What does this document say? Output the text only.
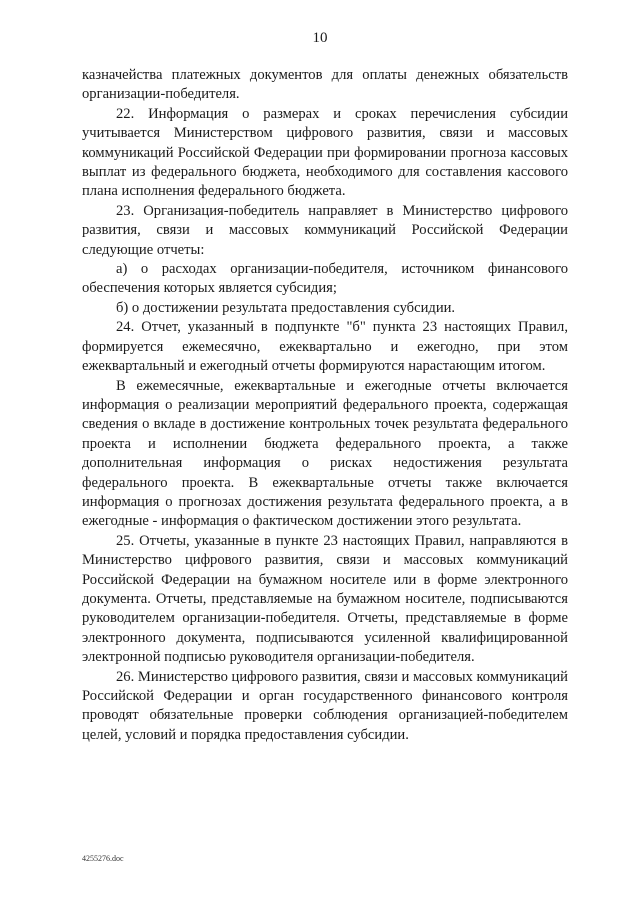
10

казначейства платежных документов для оплаты денежных обязательств организации-победителя.

22. Информация о размерах и сроках перечисления субсидии учитывается Министерством цифрового развития, связи и массовых коммуникаций Российской Федерации при формировании прогноза кассовых выплат из федерального бюджета, необходимого для составления кассового плана исполнения федерального бюджета.

23. Организация-победитель направляет в Министерство цифрового развития, связи и массовых коммуникаций Российской Федерации следующие отчеты:

а) о расходах организации-победителя, источником финансового обеспечения которых является субсидия;

б) о достижении результата предоставления субсидии.

24. Отчет, указанный в подпункте "б" пункта 23 настоящих Правил, формируется ежемесячно, ежеквартально и ежегодно, при этом ежеквартальный и ежегодный отчеты формируются нарастающим итогом.

В ежемесячные, ежеквартальные и ежегодные отчеты включается информация о реализации мероприятий федерального проекта, содержащая сведения о вкладе в достижение контрольных точек результата федерального проекта и исполнении бюджета федерального проекта, а также дополнительная информация о рисках недостижения результата федерального проекта. В ежеквартальные отчеты также включается информация о прогнозах достижения результата федерального проекта, а в ежегодные - информация о фактическом достижении этого результата.

25. Отчеты, указанные в пункте 23 настоящих Правил, направляются в Министерство цифрового развития, связи и массовых коммуникаций Российской Федерации на бумажном носителе или в форме электронного документа. Отчеты, представляемые на бумажном носителе, подписываются руководителем организации-победителя. Отчеты, представляемые в форме электронного документа, подписываются усиленной квалифицированной электронной подписью руководителя организации-победителя.

26. Министерство цифрового развития, связи и массовых коммуникаций Российской Федерации и орган государственного финансового контроля проводят обязательные проверки соблюдения организацией-победителем целей, условий и порядка предоставления субсидии.

4255276.doc
